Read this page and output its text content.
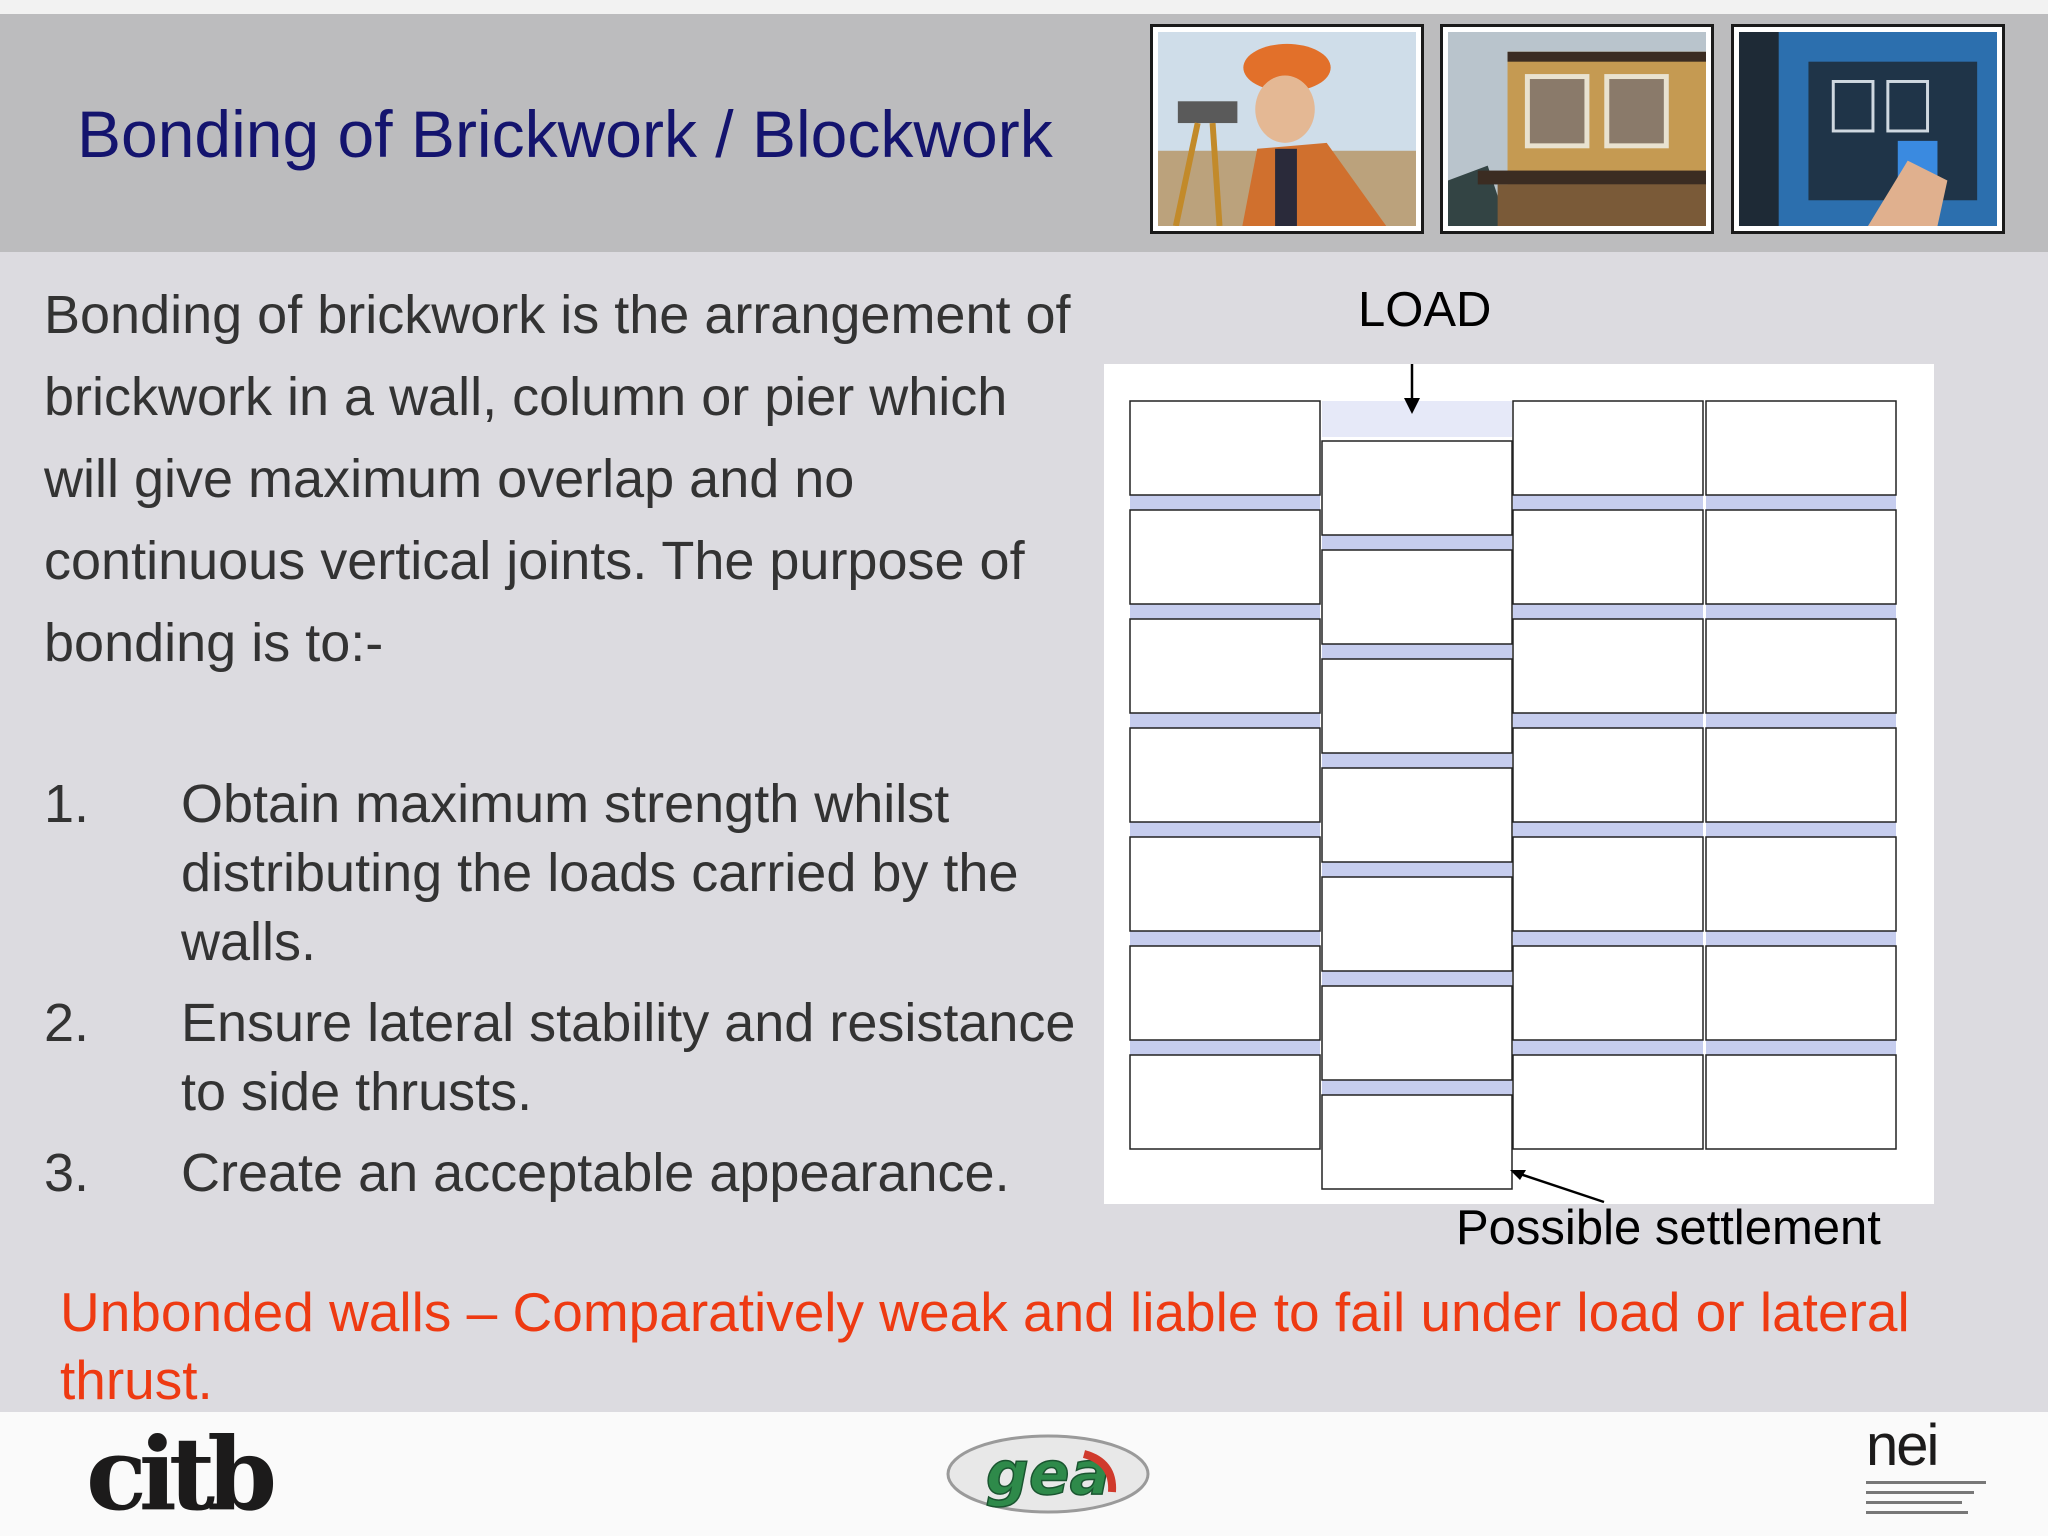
Bonding of Brickwork / Blockwork

Bonding of brickwork is the arrangement of brickwork in a wall, column or pier which will give maximum overlap and no continuous vertical joints. The purpose of bonding is to:-

1. Obtain maximum strength whilst distributing the loads carried by the walls.
2. Ensure lateral stability and resistance to side thrusts.
3. Create an acceptable appearance.
LOAD
Possible settlement

Unbonded walls – Comparatively weak and liable to fail under load or lateral thrust.

citb	gea	nei
